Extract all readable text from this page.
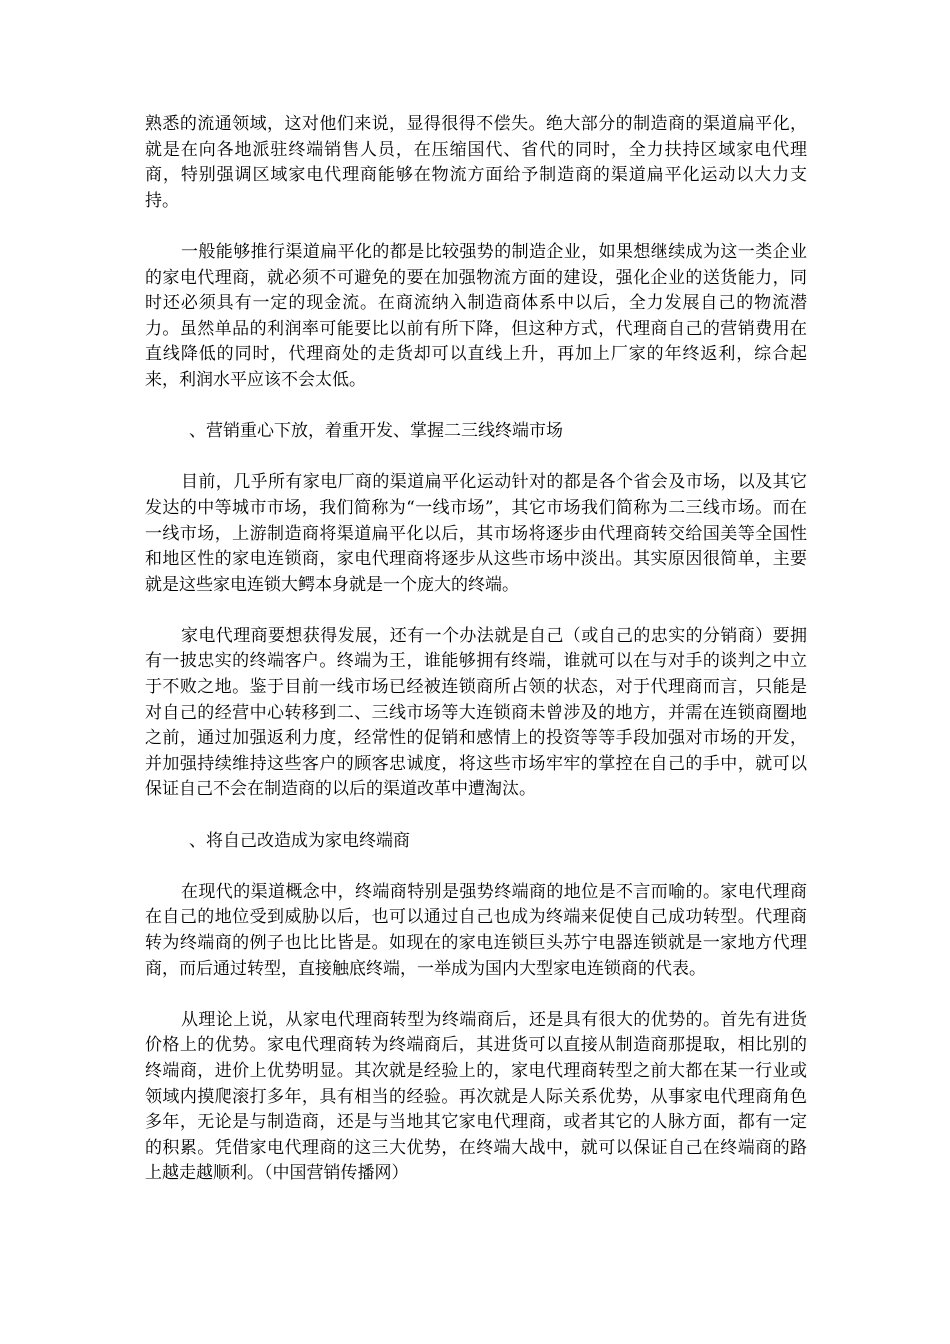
熟悉的流通领域，这对他们来说，显得很得不偿失。绝大部分的制造商的渠道扁平化，就是在向各地派驻终端销售人员，在压缩国代、省代的同时，全力扶持区域家电代理商，特别强调区域家电代理商能够在物流方面给予制造商的渠道扁平化运动以大力支持。

一般能够推行渠道扁平化的都是比较强势的制造企业，如果想继续成为这一类企业的家电代理商，就必须不可避免的要在加强物流方面的建设，强化企业的送货能力，同时还必须具有一定的现金流。在商流纳入制造商体系中以后，全力发展自己的物流潜力。虽然单品的利润率可能要比以前有所下降，但这种方式，代理商自己的营销费用在直线降低的同时，代理商处的走货却可以直线上升，再加上厂家的年终返利，综合起来，利润水平应该不会太低。

、营销重心下放，着重开发、掌握二三线终端市场

目前，几乎所有家电厂商的渠道扁平化运动针对的都是各个省会及市场，以及其它发达的中等城市市场，我们简称为“一线市场”，其它市场我们简称为二三线市场。而在一线市场，上游制造商将渠道扁平化以后，其市场将逐步由代理商转交给国美等全国性和地区性的家电连锁商，家电代理商将逐步从这些市场中淡出。其实原因很简单，主要就是这些家电连锁大鳄本身就是一个庞大的终端。

家电代理商要想获得发展，还有一个办法就是自己（或自己的忠实的分销商）要拥有一披忠实的终端客户。终端为王，谁能够拥有终端，谁就可以在与对手的谈判之中立于不败之地。鉴于目前一线市场已经被连锁商所占领的状态，对于代理商而言，只能是对自己的经营中心转移到二、三线市场等大连锁商未曾涉及的地方，并需在连锁商圈地之前，通过加强返利力度，经常性的促销和感情上的投资等等手段加强对市场的开发，并加强持续维持这些客户的顾客忠诚度，将这些市场牢牢的掌控在自己的手中，就可以保证自己不会在制造商的以后的渠道改革中遭淘汰。

、将自己改造成为家电终端商

在现代的渠道概念中，终端商特别是强势终端商的地位是不言而喻的。家电代理商在自己的地位受到威胁以后，也可以通过自己也成为终端来促使自己成功转型。代理商转为终端商的例子也比比皆是。如现在的家电连锁巨头苏宁电器连锁就是一家地方代理商，而后通过转型，直接触底终端，一举成为国内大型家电连锁商的代表。

从理论上说，从家电代理商转型为终端商后，还是具有很大的优势的。首先有进货价格上的优势。家电代理商转为终端商后，其进货可以直接从制造商那提取，相比别的终端商，进价上优势明显。其次就是经验上的，家电代理商转型之前大都在某一行业或领域内摸爬滚打多年，具有相当的经验。再次就是人际关系优势，从事家电代理商角色多年，无论是与制造商，还是与当地其它家电代理商，或者其它的人脉方面，都有一定的积累。凭借家电代理商的这三大优势，在终端大战中，就可以保证自己在终端商的路上越走越顺利。（中国营销传播网）
